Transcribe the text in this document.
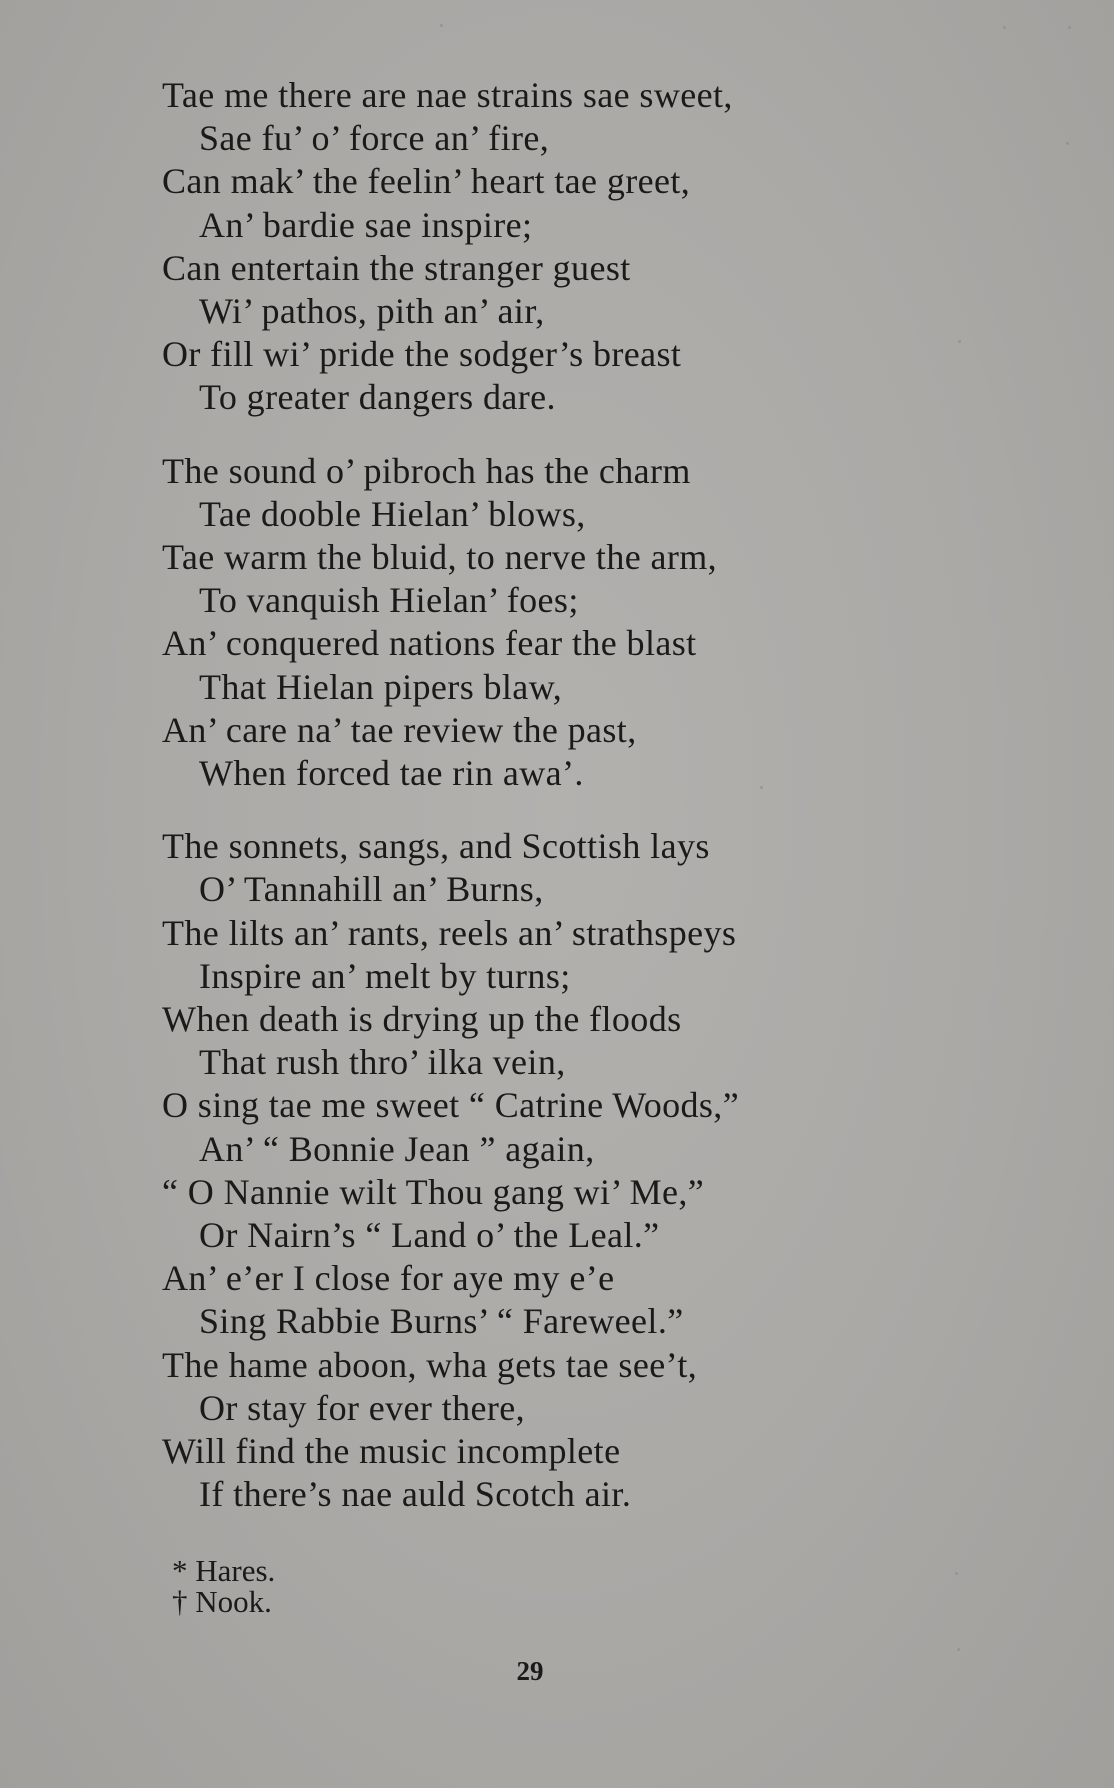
Tae me there are nae strains sae sweet,
Sae fu’ o’ force an’ fire,
Can mak’ the feelin’ heart tae greet,
An’ bardie sae inspire;
Can entertain the stranger guest
Wi’ pathos, pith an’ air,
Or fill wi’ pride the sodger’s breast
To greater dangers dare.
The sound o’ pibroch has the charm
Tae dooble Hielan’ blows,
Tae warm the bluid, to nerve the arm,
To vanquish Hielan’ foes;
An’ conquered nations fear the blast
That Hielan pipers blaw,
An’ care na’ tae review the past,
When forced tae rin awa’.
The sonnets, sangs, and Scottish lays
O’ Tannahill an’ Burns,
The lilts an’ rants, reels an’ strathspeys
Inspire an’ melt by turns;
When death is drying up the floods
That rush thro’ ilka vein,
O sing tae me sweet “ Catrine Woods,”
An’ “ Bonnie Jean ” again,
“ O Nannie wilt Thou gang wi’ Me,”
Or Nairn’s “ Land o’ the Leal.”
An’ e’er I close for aye my e’e
Sing Rabbie Burns’ “ Fareweel.”
The hame aboon, wha gets tae see’t,
Or stay for ever there,
Will find the music incomplete
If there’s nae auld Scotch air.
* Hares.
† Nook.
29
